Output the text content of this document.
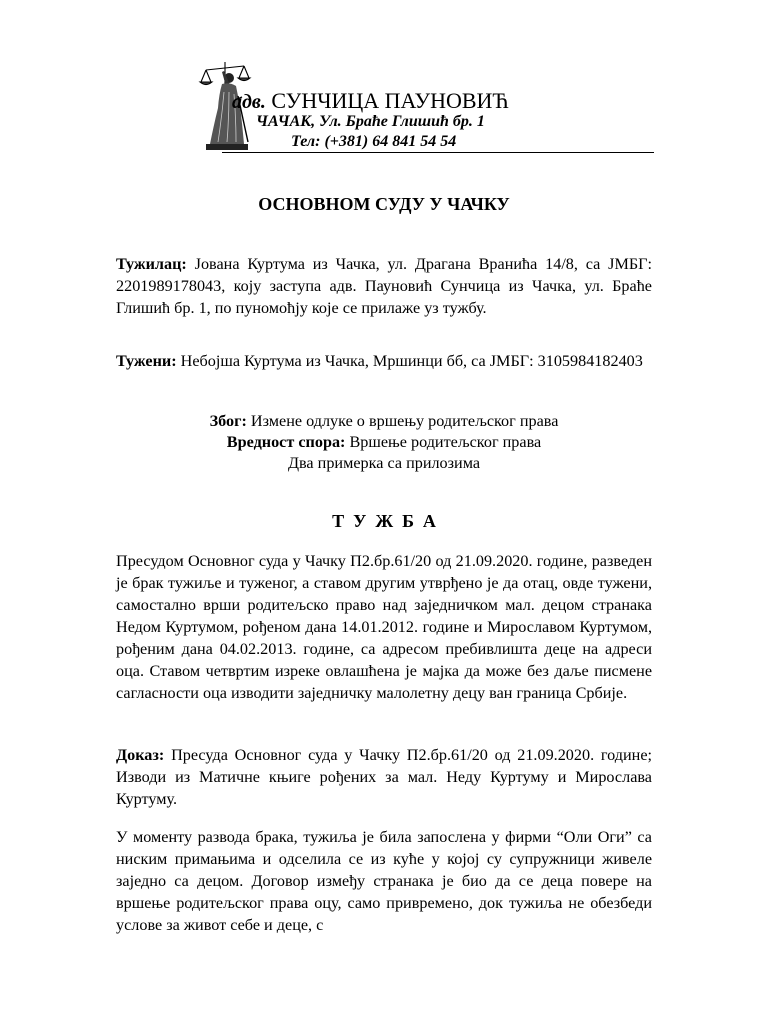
адв. СУНЧИЦА ПАУНОВИЋ
ЧАЧАК, Ул. Браће Глишић бр. 1
Тел: (+381) 64 841 54 54
ОСНОВНОМ СУДУ У ЧАЧКУ
Тужилац: Јована Куртума из Чачка, ул. Драгана Вранића 14/8, са ЈМБГ: 2201989178043, коју заступа адв. Пауновић Сунчица из Чачка, ул. Браће Глишић бр. 1, по пуномоћју које се прилаже уз тужбу.
Тужени: Небојша Куртума из Чачка, Мршинци бб, са ЈМБГ: 3105984182403
Због: Измене одлуке о вршењу родитељског права
Вредност спора: Вршење родитељског права
Два примерка са прилозима
ТУЖБА
Пресудом Основног суда у Чачку П2.бр.61/20 од 21.09.2020. године, разведен је брак тужиље и туженог, а ставом другим утврђено је да отац, овде тужени, самостално врши родитељско право над заједничком мал. децом странака Недом Куртумом, рођеном дана 14.01.2012. године и Мирославом Куртумом, рођеним дана 04.02.2013. године, са адресом пребивлишта деце на адреси оца. Ставом четвртим изреке овлашћена је мајка да може без даље писмене сагласности оца изводити заједничку малолетну децу ван граница Србије.
Доказ: Пресуда Основног суда у Чачку П2.бр.61/20 од 21.09.2020. године; Изводи из Матичне књиге рођених за мал. Неду Куртуму и Мирослава Куртуму.
У моменту развода брака, тужиља је била запослена у фирми “Оли Оги” са ниским примањима и одселила се из куће у којој су супружници живеле заједно са децом. Договор између странака је био да се деца поверe на вршење родитељског права оцу, само привремено, док тужиља не обезбеди услове за живот себе и деце, с
